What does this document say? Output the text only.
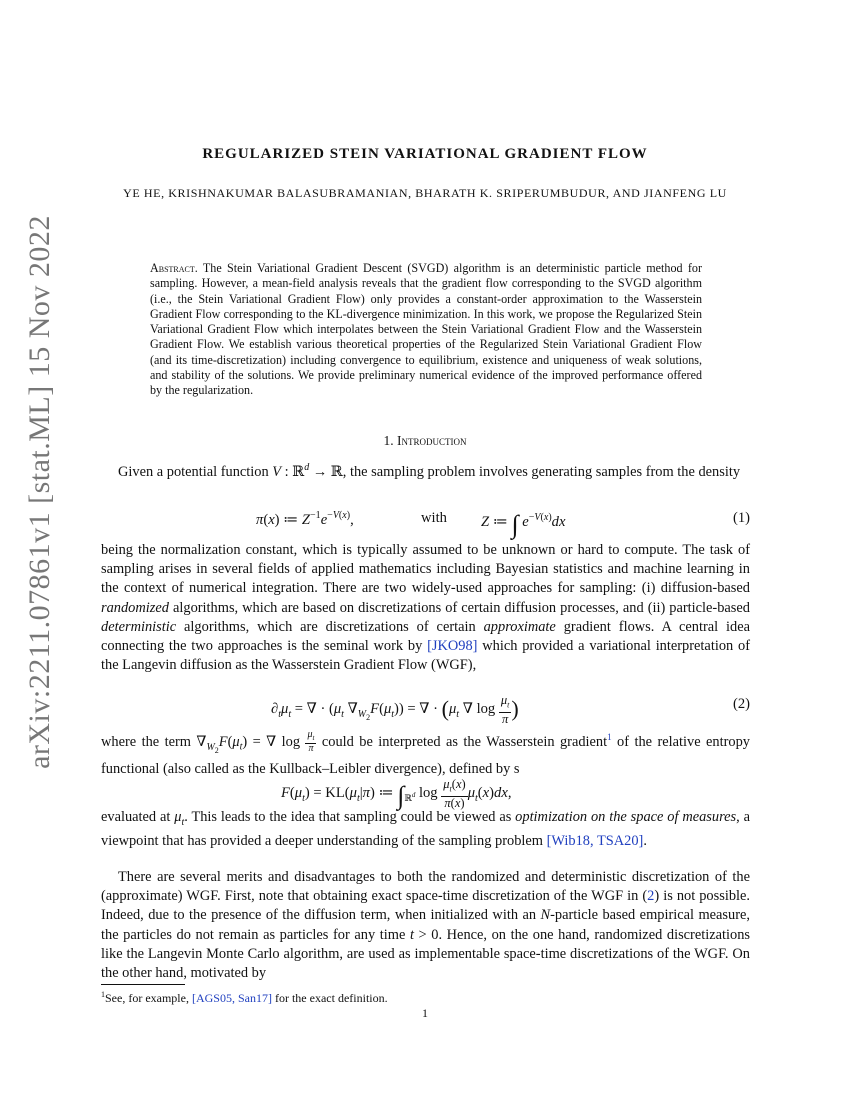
arXiv:2211.07861v1 [stat.ML] 15 Nov 2022
REGULARIZED STEIN VARIATIONAL GRADIENT FLOW
YE HE, KRISHNAKUMAR BALASUBRAMANIAN, BHARATH K. SRIPERUMBUDUR, AND JIANFENG LU
Abstract. The Stein Variational Gradient Descent (SVGD) algorithm is an deterministic particle method for sampling. However, a mean-field analysis reveals that the gradient flow corresponding to the SVGD algorithm (i.e., the Stein Variational Gradient Flow) only provides a constant-order approximation to the Wasserstein Gradient Flow corresponding to the KL-divergence minimization. In this work, we propose the Regularized Stein Variational Gradient Flow which interpolates between the Stein Variational Gradient Flow and the Wasserstein Gradient Flow. We establish various theoretical properties of the Regularized Stein Variational Gradient Flow (and its time-discretization) including convergence to equilibrium, existence and uniqueness of weak solutions, and stability of the solutions. We provide preliminary numerical evidence of the improved performance offered by the regularization.
1. Introduction
Given a potential function V : ℝ$^d$ → ℝ, the sampling problem involves generating samples from the density
π(x) ≔ $Z^{-1}e^{-V(x)}$,	with Z ≔ ∫ $e^{-V(x)}dx$	(1)
being the normalization constant, which is typically assumed to be unknown or hard to compute. The task of sampling arises in several fields of applied mathematics including Bayesian statistics and machine learning in the context of numerical integration. There are two widely-used approaches for sampling: (i) diffusion-based randomized algorithms, which are based on discretizations of certain diffusion processes, and (ii) particle-based deterministic algorithms, which are discretizations of certain approximate gradient flows. A central idea connecting the two approaches is the seminal work by [JKO98] which provided a variational interpretation of the Langevin diffusion as the Wasserstein Gradient Flow (WGF),
$\partial_t\mu_t$ = ∇ · ($\mu_t$ $\nabla_{W_2}F(\mu_t)$) = ∇ · ($\mu_t$ ∇ $\log \frac{\mu_t}{\pi}$ )	(2)
where the term $\nabla_{W_2}F(\mu_t)$ = ∇ $\log \frac{\mu_t}{\pi}$ could be interpreted as the Wasserstein gradient$^1$ of the relative entropy functional (also called as the Kullback–Leibler divergence), defined by s
$F(\mu_t) = KL(\mu_t|\pi)$ ≔ $\int_{ℝ^d}$ $\log \frac{\mu_t(x)}{\pi(x)} \mu_t(x)dx$,
evaluated at $\mu_t$. This leads to the idea that sampling could be viewed as optimization on the space of measures, a viewpoint that has provided a deeper understanding of the sampling problem [Wib18, TSA20].
There are several merits and disadvantages to both the randomized and deterministic discretization of the (approximate) WGF. First, note that obtaining exact space-time discretization of the WGF in (2) is not possible. Indeed, due to the presence of the diffusion term, when initialized with an N-particle based empirical measure, the particles do not remain as particles for any time t > 0. Hence, on the one hand, randomized discretizations like the Langevin Monte Carlo algorithm, are used as implementable space-time discretizations of the WGF. On the other hand, motivated by
$^1$See, for example, [AGS05, San17] for the exact definition.
1
